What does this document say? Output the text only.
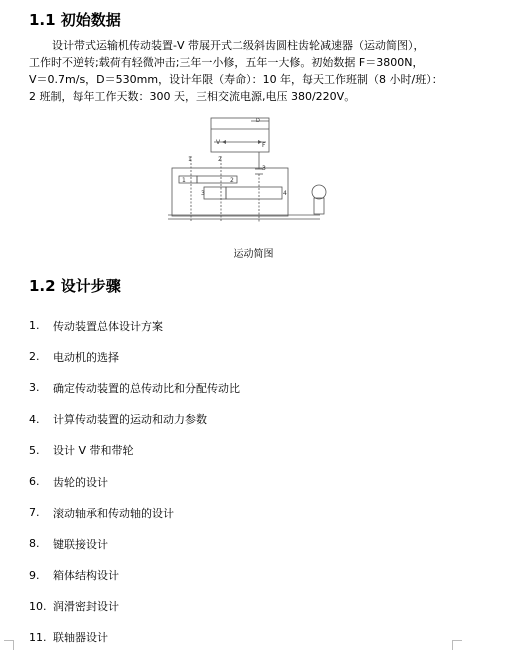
1.1 初始数据

设计带式运输机传动装置-V 带展开式二级斜齿圆柱齿轮减速器（运动简图），
工作时不逆转;载荷有轻微冲击;三年一小修，五年一大修。初始数据 F＝3800N，
V＝0.7m/s，D＝530mm，设计年限（寿命）：10 年，每天工作班制（8 小时/班）：
2 班制，每年工作天数：300 天，三相交流电源,电压 380/220V。

D
V	F
1	2
3
1	2
3	4

运动简图

1.2 设计步骤
1.	传动装置总体设计方案
2.	电动机的选择
3.	确定传动装置的总传动比和分配传动比
4.	计算传动装置的运动和动力参数
5.	设计 V 带和带轮
6.	齿轮的设计
7.	滚动轴承和传动轴的设计
8.	键联接设计
9.	箱体结构设计
10. 润滑密封设计
11. 联轴器设计
